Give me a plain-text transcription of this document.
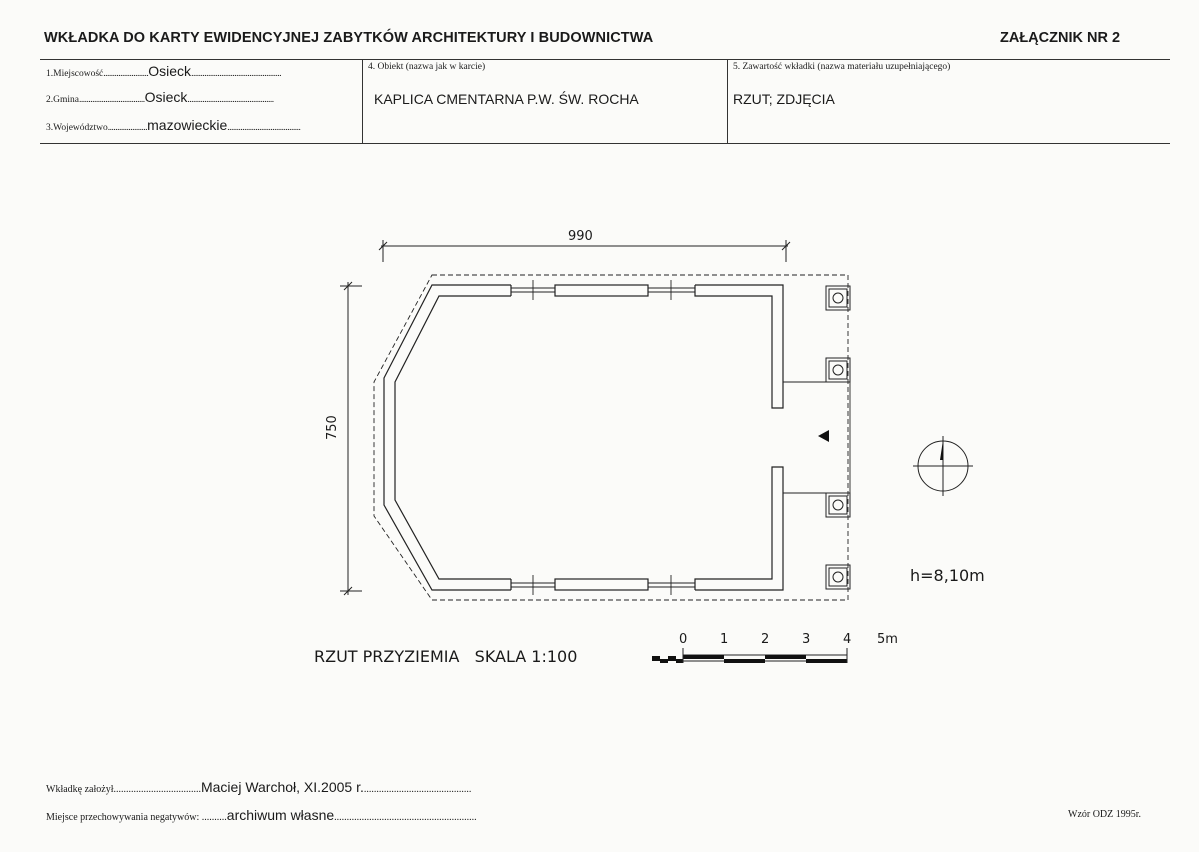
WKŁADKA DO KARTY EWIDENCYJNEJ ZABYTKÓW ARCHITEKTURY I BUDOWNICTWA	ZAŁĄCZNIK NR 2
1.Miejscowość........................Osieck................................................
2.Gmina...................................Osieck..............................................
3.Województwo.....................mazowieckie.......................................
4. Obiekt (nazwa jak w karcie)
KAPLICA CMENTARNA P.W. ŚW. ROCHA
5. Zawartość wkładki (nazwa materiału uzupełniającego)
RZUT; ZDJĘCIA
990
750
h=8,10m
RZUT PRZYZIEMIA   SKALA 1:100
0	1	2	3	4 5m
Wkładkę założył...................................Maciej Warchoł, XI.2005 r............................................
Miejsce przechowywania negatywów: ..........archiwum własne.........................................................	Wzór ODZ 1995r.
